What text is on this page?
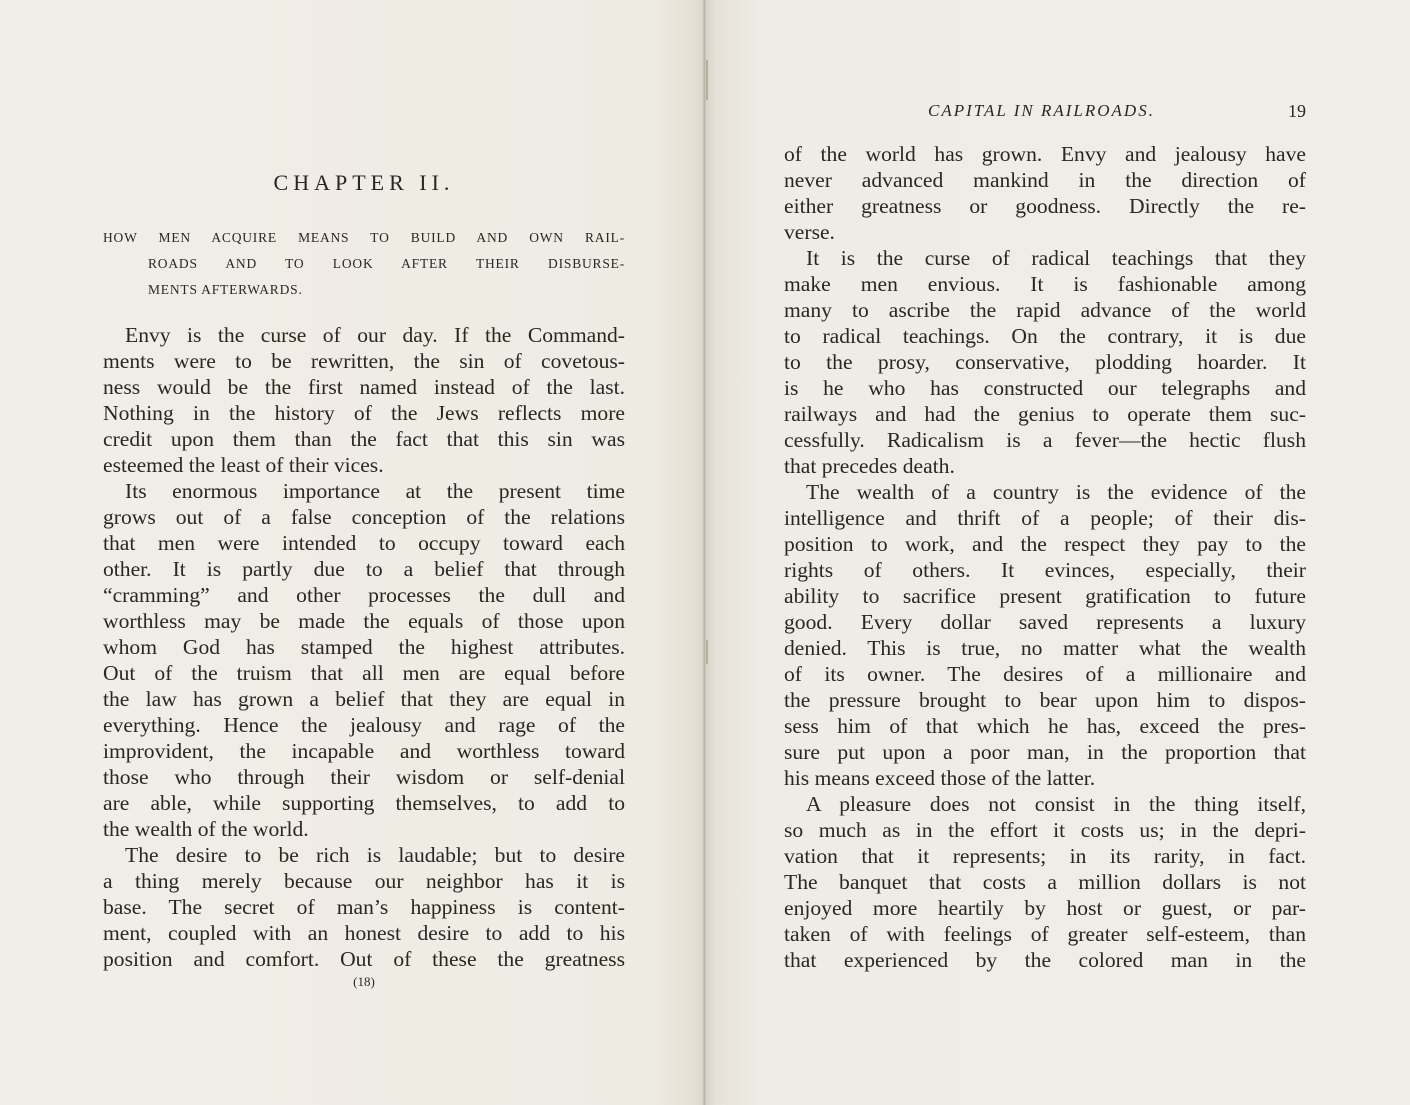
CHAPTER II.
HOW MEN ACQUIRE MEANS TO BUILD AND OWN RAIL-
ROADS AND TO LOOK AFTER THEIR DISBURSE-
MENTS AFTERWARDS.
Envy is the curse of our day. If the Command-
ments were to be rewritten, the sin of covetous-
ness would be the first named instead of the last.
Nothing in the history of the Jews reflects more
credit upon them than the fact that this sin was
esteemed the least of their vices.
Its enormous importance at the present time
grows out of a false conception of the relations
that men were intended to occupy toward each
other. It is partly due to a belief that through
“cramming” and other processes the dull and
worthless may be made the equals of those upon
whom God has stamped the highest attributes.
Out of the truism that all men are equal before
the law has grown a belief that they are equal in
everything. Hence the jealousy and rage of the
improvident, the incapable and worthless toward
those who through their wisdom or self-denial
are able, while supporting themselves, to add to
the wealth of the world.
The desire to be rich is laudable; but to desire
a thing merely because our neighbor has it is
base. The secret of man’s happiness is content-
ment, coupled with an honest desire to add to his
position and comfort. Out of these the greatness
(18)
CAPITAL IN RAILROADS.	19
of the world has grown. Envy and jealousy have
never advanced mankind in the direction of
either greatness or goodness. Directly the re-
verse.
It is the curse of radical teachings that they
make men envious. It is fashionable among
many to ascribe the rapid advance of the world
to radical teachings. On the contrary, it is due
to the prosy, conservative, plodding hoarder. It
is he who has constructed our telegraphs and
railways and had the genius to operate them suc-
cessfully. Radicalism is a fever—the hectic flush
that precedes death.
The wealth of a country is the evidence of the
intelligence and thrift of a people; of their dis-
position to work, and the respect they pay to the
rights of others. It evinces, especially, their
ability to sacrifice present gratification to future
good. Every dollar saved represents a luxury
denied. This is true, no matter what the wealth
of its owner. The desires of a millionaire and
the pressure brought to bear upon him to dispos-
sess him of that which he has, exceed the pres-
sure put upon a poor man, in the proportion that
his means exceed those of the latter.
A pleasure does not consist in the thing itself,
so much as in the effort it costs us; in the depri-
vation that it represents; in its rarity, in fact.
The banquet that costs a million dollars is not
enjoyed more heartily by host or guest, or par-
taken of with feelings of greater self-esteem, than
that experienced by the colored man in the
